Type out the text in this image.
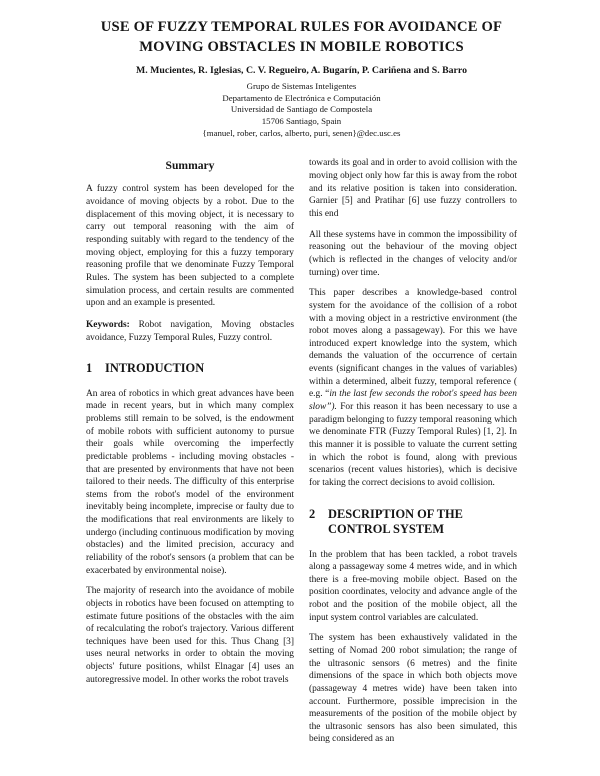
USE OF FUZZY TEMPORAL RULES FOR AVOIDANCE OF
MOVING OBSTACLES IN MOBILE ROBOTICS
M. Mucientes, R. Iglesias, C. V. Regueiro, A. Bugarín, P. Cariñena and S. Barro
Grupo de Sistemas Inteligentes
Departamento de Electrónica e Computación
Universidad de Santiago de Compostela
15706 Santiago, Spain
{manuel, rober, carlos, alberto, puri, senen}@dec.usc.es
Summary

A fuzzy control system has been developed for the avoidance of moving objects by a robot. Due to the displacement of this moving object, it is necessary to carry out temporal reasoning with the aim of responding suitably with regard to the tendency of the moving object, employing for this a fuzzy temporary reasoning profile that we denominate Fuzzy Temporal Rules. The system has been subjected to a complete simulation process, and certain results are commented upon and an example is presented.

Keywords: Robot navigation, Moving obstacles avoidance, Fuzzy Temporal Rules, Fuzzy control.

1	INTRODUCTION

An area of robotics in which great advances have been made in recent years, but in which many complex problems still remain to be solved, is the endowment of mobile robots with sufficient autonomy to pursue their goals while overcoming the imperfectly predictable problems - including moving obstacles - that are presented by environments that have not been tailored to their needs. The difficulty of this enterprise stems from the robot's model of the environment inevitably being incomplete, imprecise or faulty due to the modifications that real environments are likely to undergo (including continuous modification by moving obstacles) and the limited precision, accuracy and reliability of the robot's sensors (a problem that can be exacerbated by environmental noise).

The majority of research into the avoidance of mobile objects in robotics have been focused on attempting to estimate future positions of the obstacles with the aim of recalculating the robot's trajectory. Various different techniques have been used for this. Thus Chang [3] uses neural networks in order to obtain the moving objects' future positions, whilst Elnagar [4] uses an autoregressive model. In other works the robot travels

towards its goal and in order to avoid collision with the moving object only how far this is away from the robot and its relative position is taken into consideration. Garnier [5] and Pratihar [6] use fuzzy controllers to this end

All these systems have in common the impossibility of reasoning out the behaviour of the moving object (which is reflected in the changes of velocity and/or turning) over time.

This paper describes a knowledge-based control system for the avoidance of the collision of a robot with a moving object in a restrictive environment (the robot moves along a passageway). For this we have introduced expert knowledge into the system, which demands the valuation of the occurrence of certain events (significant changes in the values of variables) within a determined, albeit fuzzy, temporal reference ( e.g. “in the last few seconds the robot's speed has been slow”). For this reason it has been necessary to use a paradigm belonging to fuzzy temporal reasoning which we denominate FTR (Fuzzy Temporal Rules) [1, 2]. In this manner it is possible to valuate the current setting in which the robot is found, along with previous scenarios (recent values histories), which is decisive for taking the correct decisions to avoid collision.

2	DESCRIPTION OF THE CONTROL SYSTEM

In the problem that has been tackled, a robot travels along a passageway some 4 metres wide, and in which there is a free-moving mobile object. Based on the position coordinates, velocity and advance angle of the robot and the position of the mobile object, all the input system control variables are calculated.

The system has been exhaustively validated in the setting of Nomad 200 robot simulation; the range of the ultrasonic sensors (6 metres) and the finite dimensions of the space in which both objects move (passageway 4 metres wide) have been taken into account. Furthermore, possible imprecision in the measurements of the position of the mobile object by the ultrasonic sensors has also been simulated, this being considered as an
